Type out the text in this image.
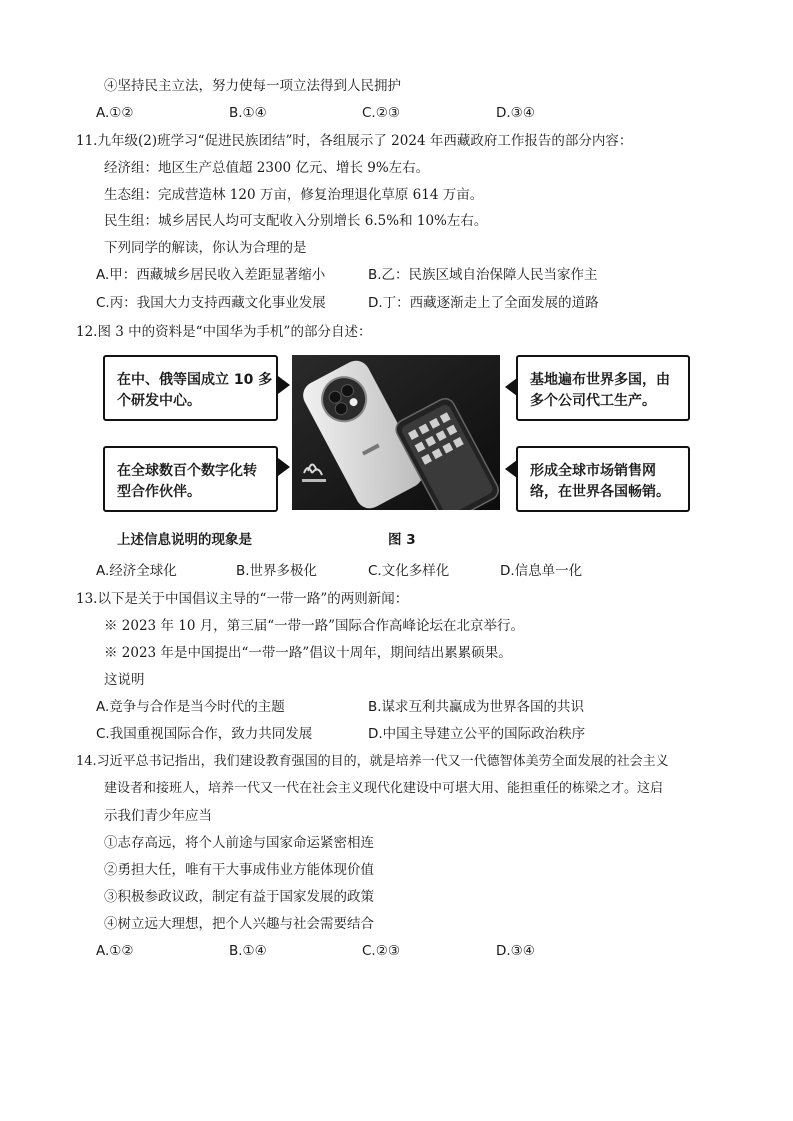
④坚持民主立法，努力使每一项立法得到人民拥护
A.①②	B.①④	C.②③	D.③④
11.九年级(2)班学习“促进民族团结”时，各组展示了 2024 年西藏政府工作报告的部分内容：
经济组：地区生产总值超 2300 亿元、增长 9%左右。
生态组：完成营造林 120 万亩，修复治理退化草原 614 万亩。
民生组：城乡居民人均可支配收入分别增长 6.5%和 10%左右。
下列同学的解读，你认为合理的是
A.甲：西藏城乡居民收入差距显著缩小	B.乙：民族区域自治保障人民当家作主
C.丙：我国大力支持西藏文化事业发展	D.丁：西藏逐渐走上了全面发展的道路
12.图 3 中的资料是“中国华为手机”的部分自述：
在中、俄等国成立 10 多
个研发中心。
在全球数百个数字化转
型合作伙伴。
基地遍布世界多国，由
多个公司代工生产。
形成全球市场销售网
络，在世界各国畅销。
上述信息说明的现象是	图 3
A.经济全球化	B.世界多极化	C.文化多样化	D.信息单一化
13.以下是关于中国倡议主导的“一带一路”的两则新闻：
※ 2023 年 10 月，第三届“一带一路”国际合作高峰论坛在北京举行。
※ 2023 年是中国提出“一带一路”倡议十周年，期间结出累累硕果。
这说明
A.竞争与合作是当今时代的主题	B.谋求互利共赢成为世界各国的共识
C.我国重视国际合作，致力共同发展	D.中国主导建立公平的国际政治秩序
14.习近平总书记指出，我们建设教育强国的目的，就是培养一代又一代德智体美劳全面发展的社会主义
建设者和接班人，培养一代又一代在社会主义现代化建设中可堪大用、能担重任的栋梁之才。这启
示我们青少年应当
①志存高远，将个人前途与国家命运紧密相连
②勇担大任，唯有干大事成伟业方能体现价值
③积极参政议政，制定有益于国家发展的政策
④树立远大理想，把个人兴趣与社会需要结合
A.①②	B.①④	C.②③	D.③④
